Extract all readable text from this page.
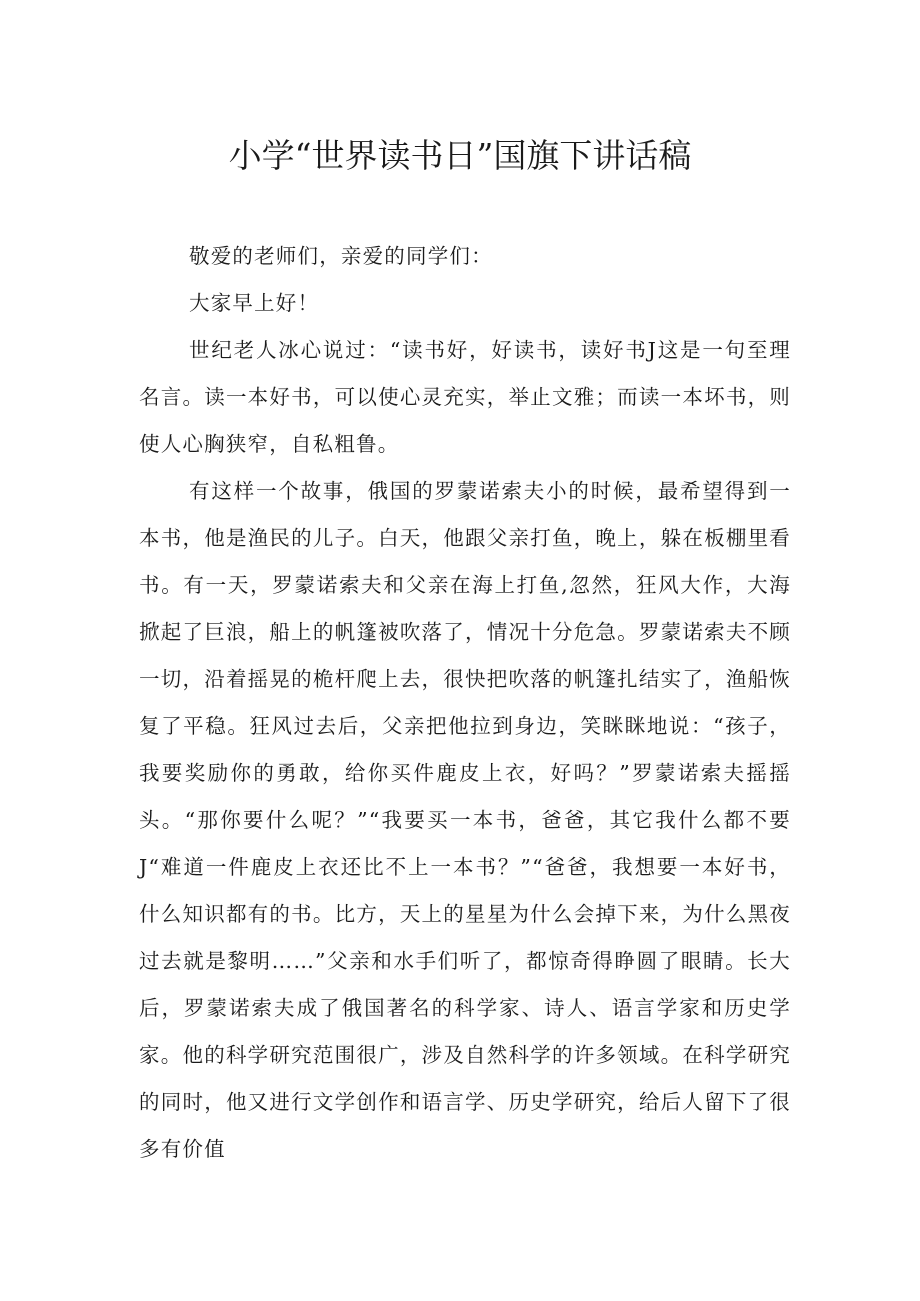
小学“世界读书日”国旗下讲话稿

敬爱的老师们，亲爱的同学们：

大家早上好！

世纪老人冰心说过：“读书好，好读书，读好书J这是一句至理名言。读一本好书，可以使心灵充实，举止文雅；而读一本坏书，则使人心胸狭窄，自私粗鲁。

有这样一个故事，俄国的罗蒙诺索夫小的时候，最希望得到一本书，他是渔民的儿子。白天，他跟父亲打鱼，晚上，躲在板棚里看书。有一天，罗蒙诺索夫和父亲在海上打鱼,忽然，狂风大作，大海掀起了巨浪，船上的帆篷被吹落了，情况十分危急。罗蒙诺索夫不顾一切，沿着摇晃的桅杆爬上去，很快把吹落的帆篷扎结实了，渔船恢复了平稳。狂风过去后，父亲把他拉到身边，笑眯眯地说：“孩子，我要奖励你的勇敢，给你买件鹿皮上衣，好吗？”罗蒙诺索夫摇摇头。“那你要什么呢？”“我要买一本书，爸爸，其它我什么都不要J“难道一件鹿皮上衣还比不上一本书？”“爸爸，我想要一本好书，什么知识都有的书。比方，天上的星星为什么会掉下来，为什么黑夜过去就是黎明……”父亲和水手们听了，都惊奇得睁圆了眼睛。长大后，罗蒙诺索夫成了俄国著名的科学家、诗人、语言学家和历史学家。他的科学研究范围很广，涉及自然科学的许多领域。在科学研究的同时，他又进行文学创作和语言学、历史学研究，给后人留下了很多有价值
